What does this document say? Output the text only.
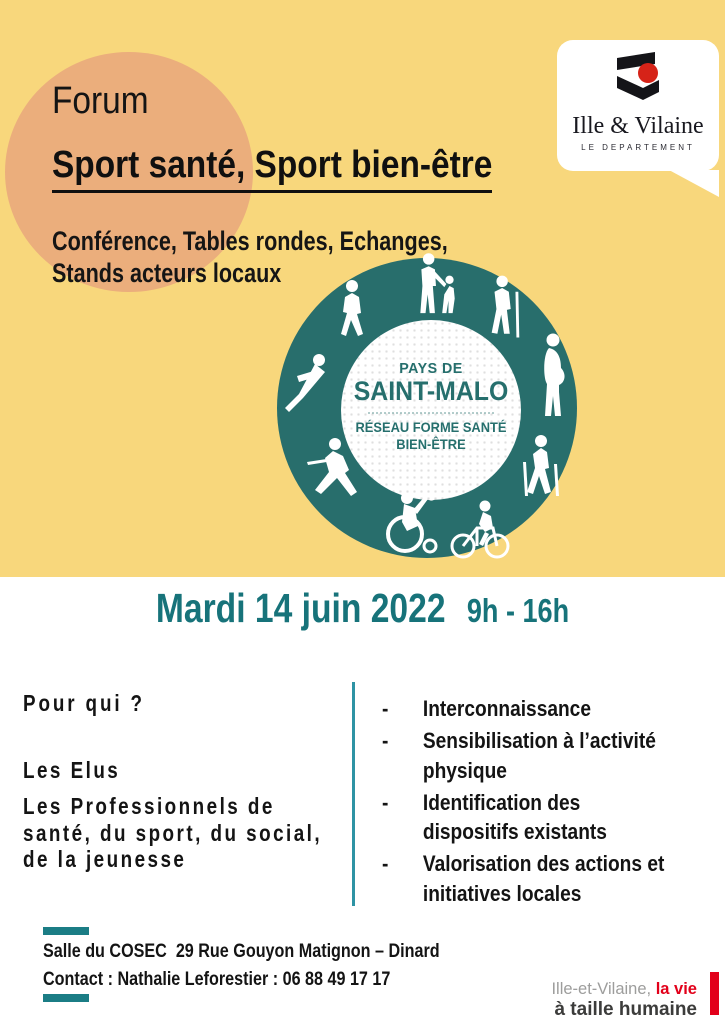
Forum

Sport santé, Sport bien-être
Conférence, Tables rondes, Echanges,
Stands acteurs locaux
Ille & Vilaine
LE DEPARTEMENT
PAYS DE
SAINT-MALO
RÉSEAU FORME SANTÉ
BIEN-ÊTRE
Mardi 14 juin 2022 9h - 16h
Pour qui ?
Les Elus
Les Professionnels de santé, du sport, du social, de la jeunesse
-	Interconnaissance
-	Sensibilisation à l’activité physique
-	Identification des dispositifs existants
-	Valorisation des actions et initiatives locales
Salle du COSEC  29 Rue Gouyon Matignon – Dinard
Contact : Nathalie Leforestier : 06 88 49 17 17	Ille-et-Vilaine, la vie
à taille humaine
